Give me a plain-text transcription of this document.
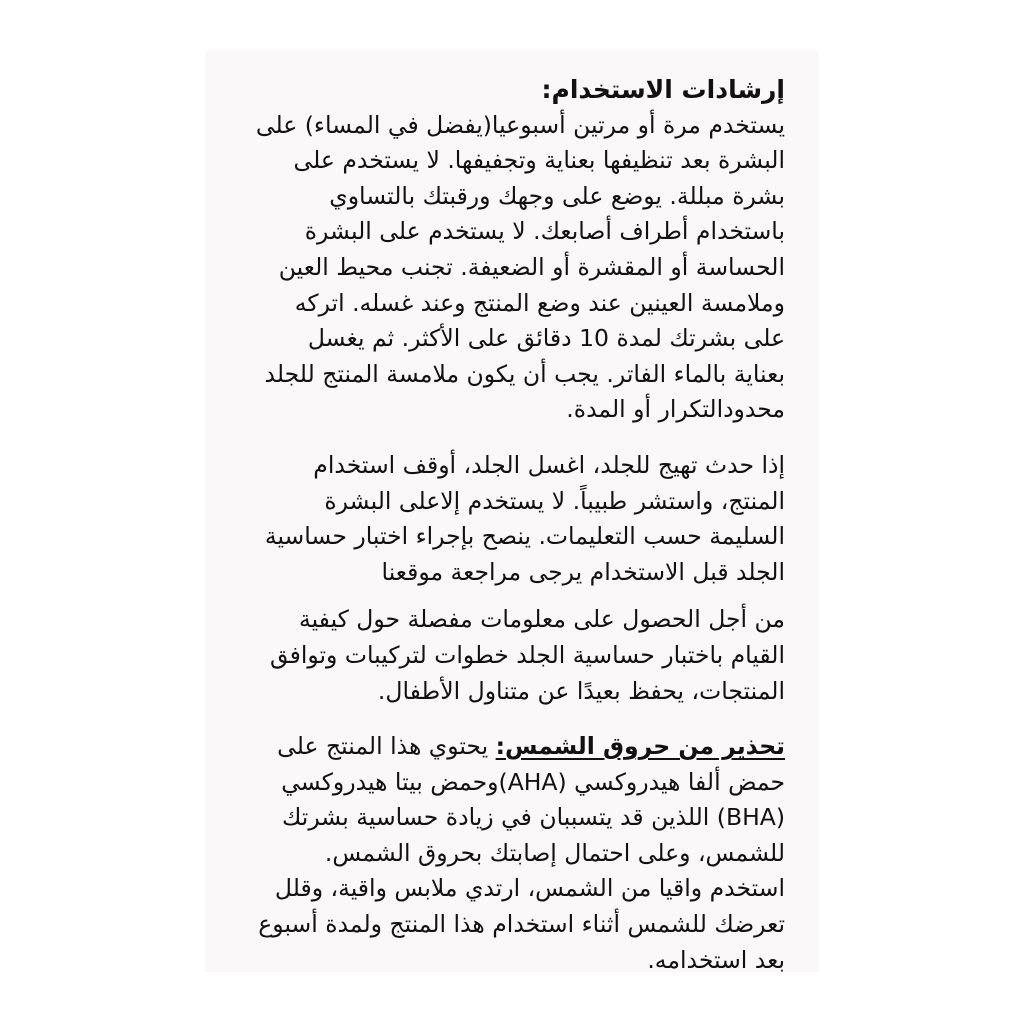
إرشادات الاستخدام:

يستخدم مرة أو مرتين أسبوعيا(يفضل في المساء) على البشرة بعد تنظيفها بعناية وتجفيفها. لا يستخدم على بشرة مبللة. يوضع على وجهك ورقبتك بالتساوي باستخدام أطراف أصابعك. لا يستخدم على البشرة الحساسة أو المقشرة أو الضعيفة. تجنب محيط العين وملامسة العينين عند وضع المنتج وعند غسله. اتركه على بشرتك لمدة 10 دقائق على الأكثر. ثم يغسل بعناية بالماء الفاتر. يجب أن يكون ملامسة المنتج للجلد محدودالتكرار أو المدة.

إذا حدث تهيج للجلد، اغسل الجلد، أوقف استخدام المنتج، واستشر طبيباً. لا يستخدم إلاعلى البشرة السليمة حسب التعليمات. ينصح بإجراء اختبار حساسية الجلد قبل الاستخدام يرجى مراجعة موقعنا

من أجل الحصول على معلومات مفصلة حول كيفية القيام باختبار حساسية الجلد خطوات لتركيبات وتوافق المنتجات، يحفظ بعيدًا عن متناول الأطفال.

تحذير من حروق الشمس: يحتوي هذا المنتج على حمض ألفا هيدروكسي (AHA)وحمض بيتا هيدروكسي (BHA) اللذين قد يتسببان في زيادة حساسية بشرتك للشمس، وعلى احتمال إصابتك بحروق الشمس. استخدم واقيا من الشمس، ارتدي ملابس واقية، وقلل تعرضك للشمس أثناء استخدام هذا المنتج ولمدة أسبوع بعد استخدامه.
